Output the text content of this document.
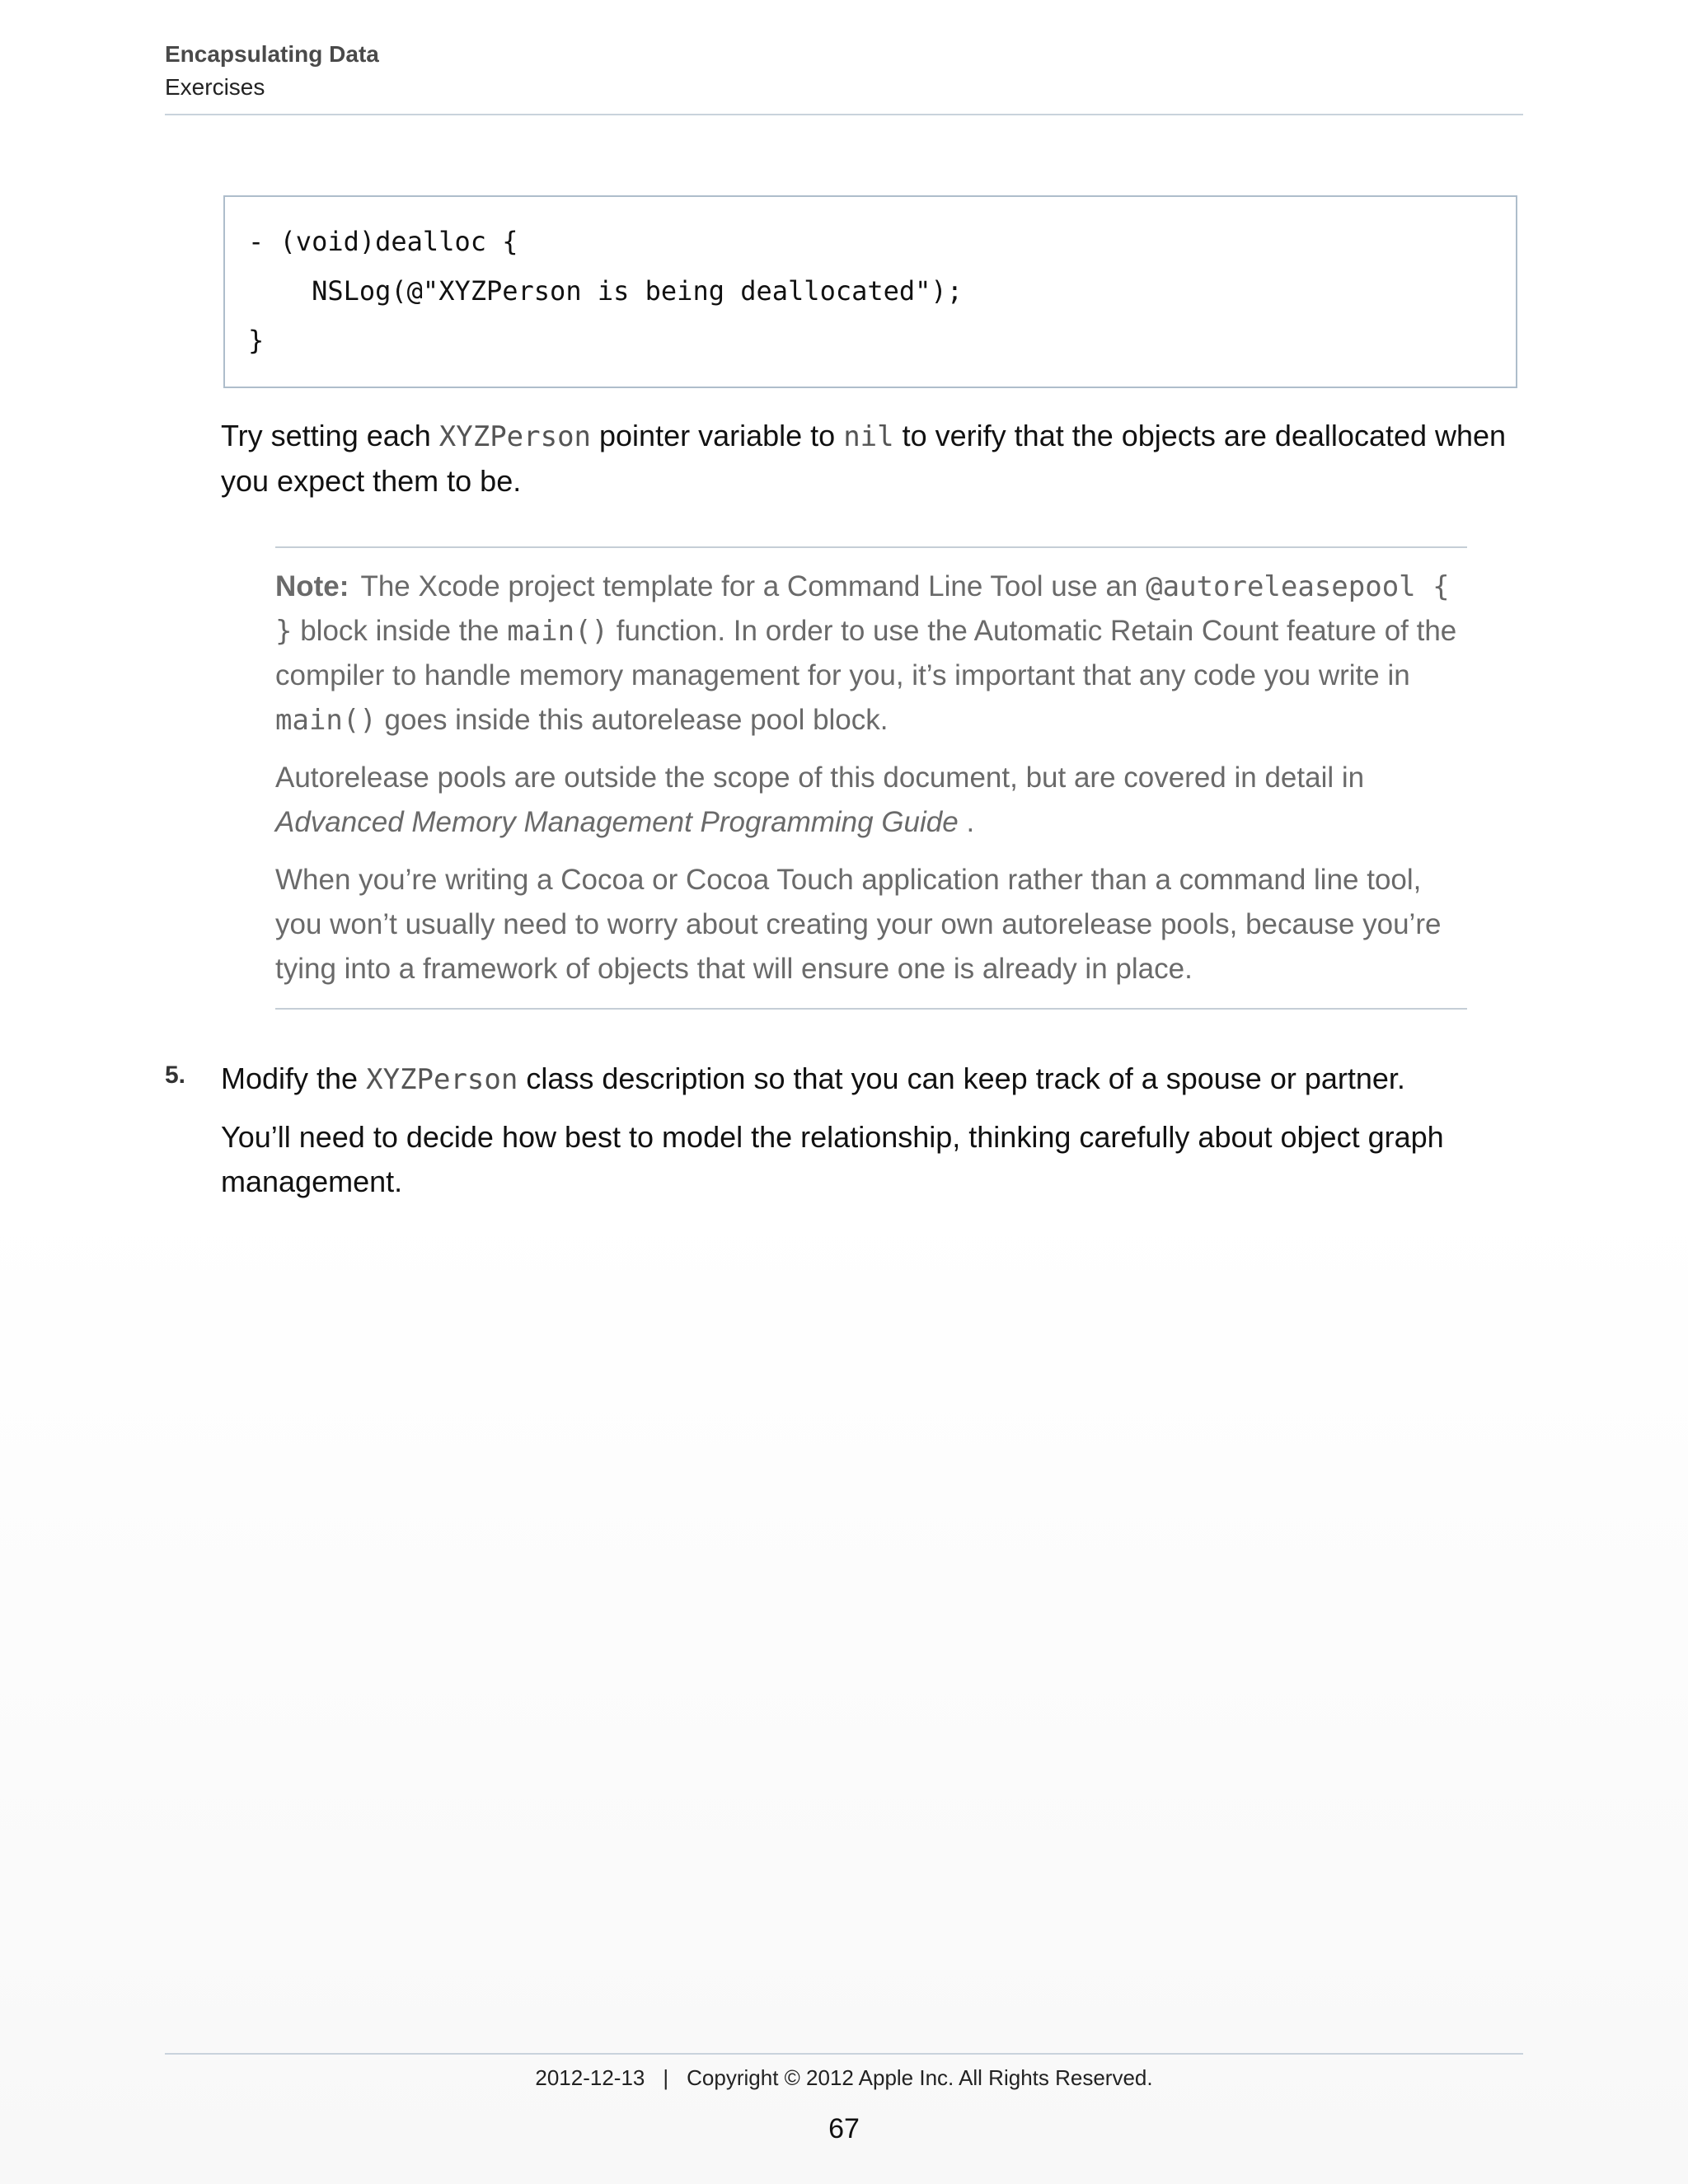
Encapsulating Data
Exercises
- (void)dealloc {
NSLog(@"XYZPerson is being deallocated");
}
Try setting each XYZPerson pointer variable to nil to verify that the objects are deallocated when you expect them to be.

Note: The Xcode project template for a Command Line Tool use an @autoreleasepool {
} block inside the main() function. In order to use the Automatic Retain Count feature of the compiler to handle memory management for you, it’s important that any code you write in main() goes inside this autorelease pool block.

Autorelease pools are outside the scope of this document, but are covered in detail in Advanced Memory Management Programming Guide .

When you’re writing a Cocoa or Cocoa Touch application rather than a command line tool, you won’t usually need to worry about creating your own autorelease pools, because you’re tying into a framework of objects that will ensure one is already in place.

5. Modify the XYZPerson class description so that you can keep track of a spouse or partner.

You’ll need to decide how best to model the relationship, thinking carefully about object graph management.

2012-12-13 | Copyright © 2012 Apple Inc. All Rights Reserved.
67
